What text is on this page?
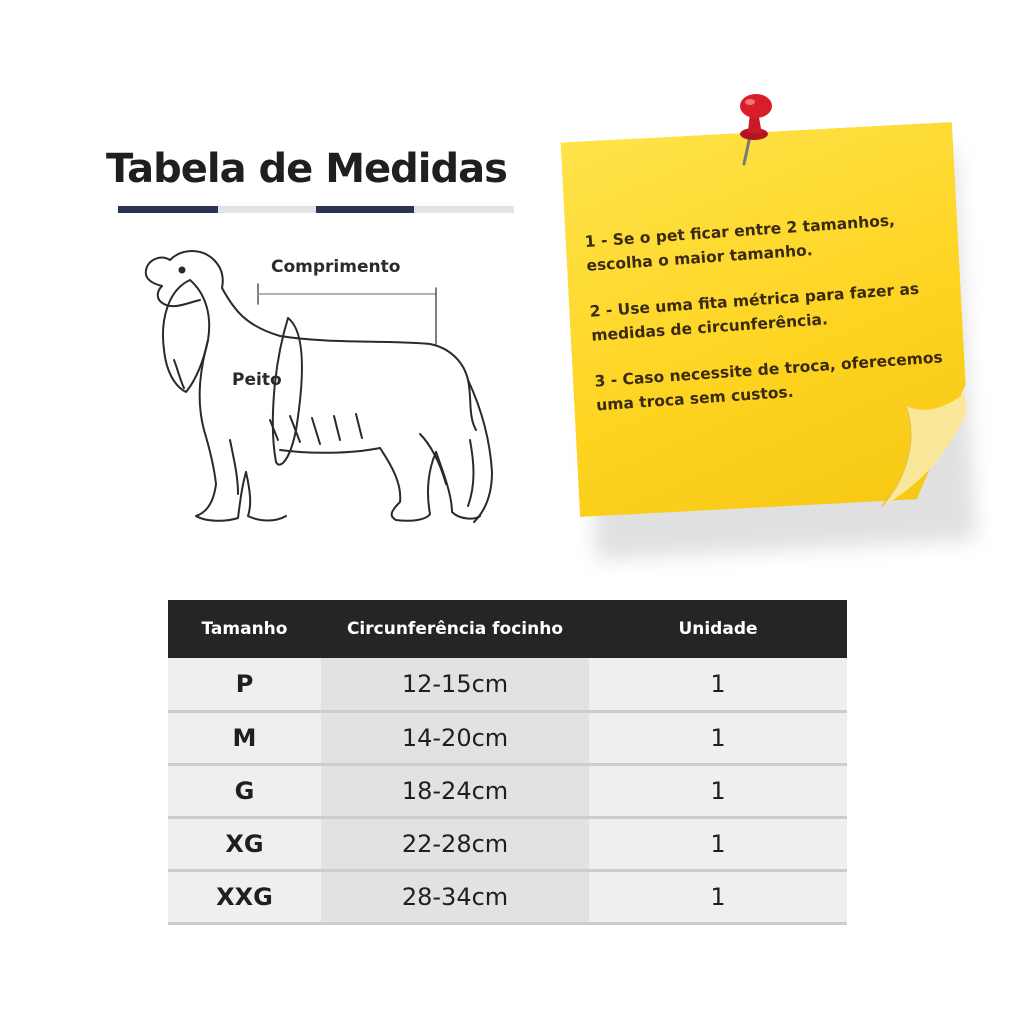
Tabela de Medidas
Comprimento
Peito

1 - Se o pet ficar entre 2 tamanhos, escolha o maior tamanho.

2 - Use uma fita métrica para fazer as medidas de circunferência.

3 - Caso necessite de troca, oferecemos uma troca sem custos.

Tamanho	Circunferência focinho	Unidade
P	12-15cm	1
M	14-20cm	1
G	18-24cm	1
XG	22-28cm	1
XXG	28-34cm	1
